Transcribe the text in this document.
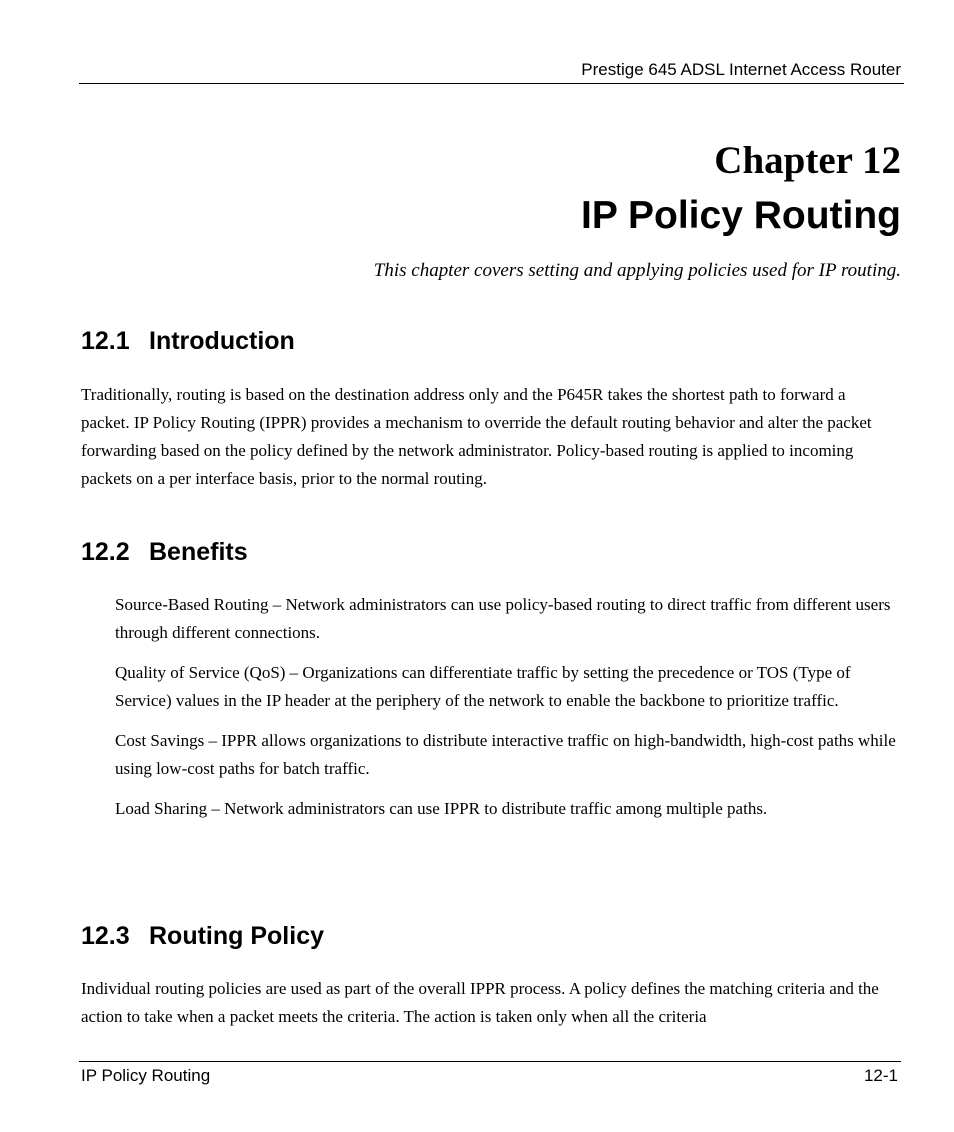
Prestige 645 ADSL Internet Access Router
Chapter 12
IP Policy Routing
This chapter covers setting and applying policies used for IP routing.
12.1 Introduction

Traditionally, routing is based on the destination address only and the P645R takes the shortest path to forward a packet. IP Policy Routing (IPPR) provides a mechanism to override the default routing behavior and alter the packet forwarding based on the policy defined by the network administrator. Policy-based routing is applied to incoming packets on a per interface basis, prior to the normal routing.

12.2 Benefits
Source-Based Routing – Network administrators can use policy-based routing to direct traffic from different users through different connections.
Quality of Service (QoS) – Organizations can differentiate traffic by setting the precedence or TOS (Type of Service) values in the IP header at the periphery of the network to enable the backbone to prioritize traffic.
Cost Savings – IPPR allows organizations to distribute interactive traffic on high-bandwidth, high-cost paths while using low-cost paths for batch traffic.
Load Sharing – Network administrators can use IPPR to distribute traffic among multiple paths.
12.3 Routing Policy

Individual routing policies are used as part of the overall IPPR process. A policy defines the matching criteria and the action to take when a packet meets the criteria. The action is taken only when all the criteria

IP Policy Routing	12-1
